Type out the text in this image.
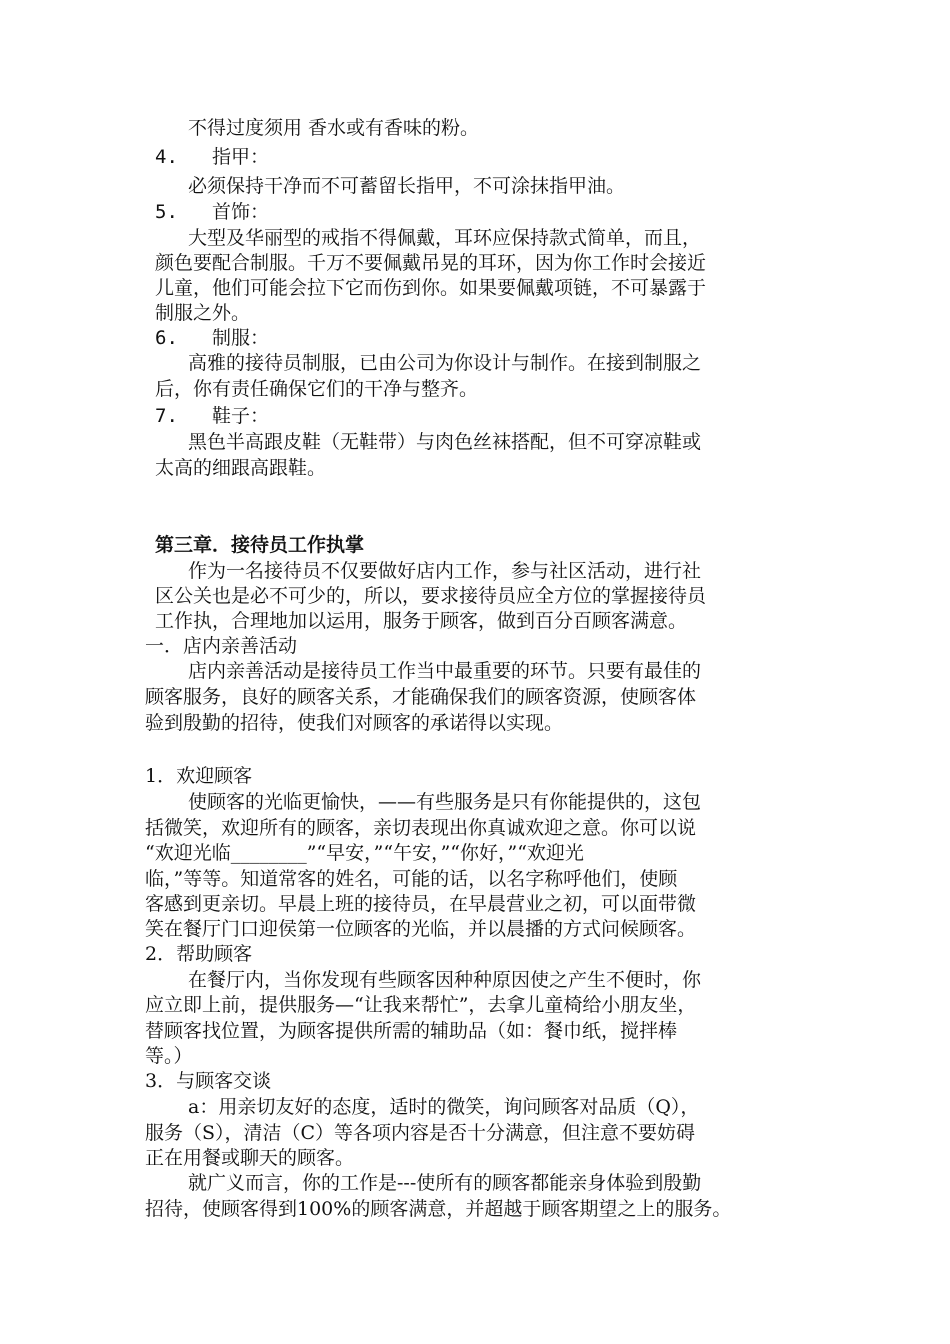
不得过度须用 香水或有香味的粉。
4. 指甲：
必须保持干净而不可蓄留长指甲，不可涂抹指甲油。
5. 首饰：
大型及华丽型的戒指不得佩戴，耳环应保持款式简单，而且，
颜色要配合制服。千万不要佩戴吊晃的耳环，因为你工作时会接近
儿童，他们可能会拉下它而伤到你。如果要佩戴项链，不可暴露于
制服之外。
6. 制服：
高雅的接待员制服，已由公司为你设计与制作。在接到制服之
后，你有责任确保它们的干净与整齐。
7. 鞋子：
黑色半高跟皮鞋（无鞋带）与肉色丝袜搭配，但不可穿凉鞋或
太高的细跟高跟鞋。
第三章．接待员工作执掌
作为一名接待员不仅要做好店内工作，参与社区活动，进行社
区公关也是必不可少的，所以，要求接待员应全方位的掌握接待员
工作执，合理地加以运用，服务于顾客，做到百分百顾客满意。
一．店内亲善活动
店内亲善活动是接待员工作当中最重要的环节。只要有最佳的
顾客服务，良好的顾客关系，才能确保我们的顾客资源，使顾客体
验到殷勤的招待，使我们对顾客的承诺得以实现。
1．欢迎顾客
使顾客的光临更愉快，——有些服务是只有你能提供的，这包
括微笑，欢迎所有的顾客，亲切表现出你真诚欢迎之意。你可以说
“欢迎光临________”“早安，”“午安，”“你好，”“欢迎光
临，”等等。知道常客的姓名，可能的话，以名字称呼他们，使顾
客感到更亲切。早晨上班的接待员，在早晨营业之初，可以面带微
笑在餐厅门口迎侯第一位顾客的光临，并以晨播的方式问候顾客。
2．帮助顾客
在餐厅内，当你发现有些顾客因种种原因使之产生不便时，你
应立即上前，提供服务—“让我来帮忙”，去拿儿童椅给小朋友坐，
替顾客找位置，为顾客提供所需的辅助品（如：餐巾纸，搅拌棒
等。）
3．与顾客交谈
a：用亲切友好的态度，适时的微笑，询问顾客对品质（Q），
服务（S），清洁（C）等各项内容是否十分满意，但注意不要妨碍
正在用餐或聊天的顾客。
就广义而言，你的工作是---使所有的顾客都能亲身体验到殷勤
招待，使顾客得到100%的顾客满意，并超越于顾客期望之上的服务。
